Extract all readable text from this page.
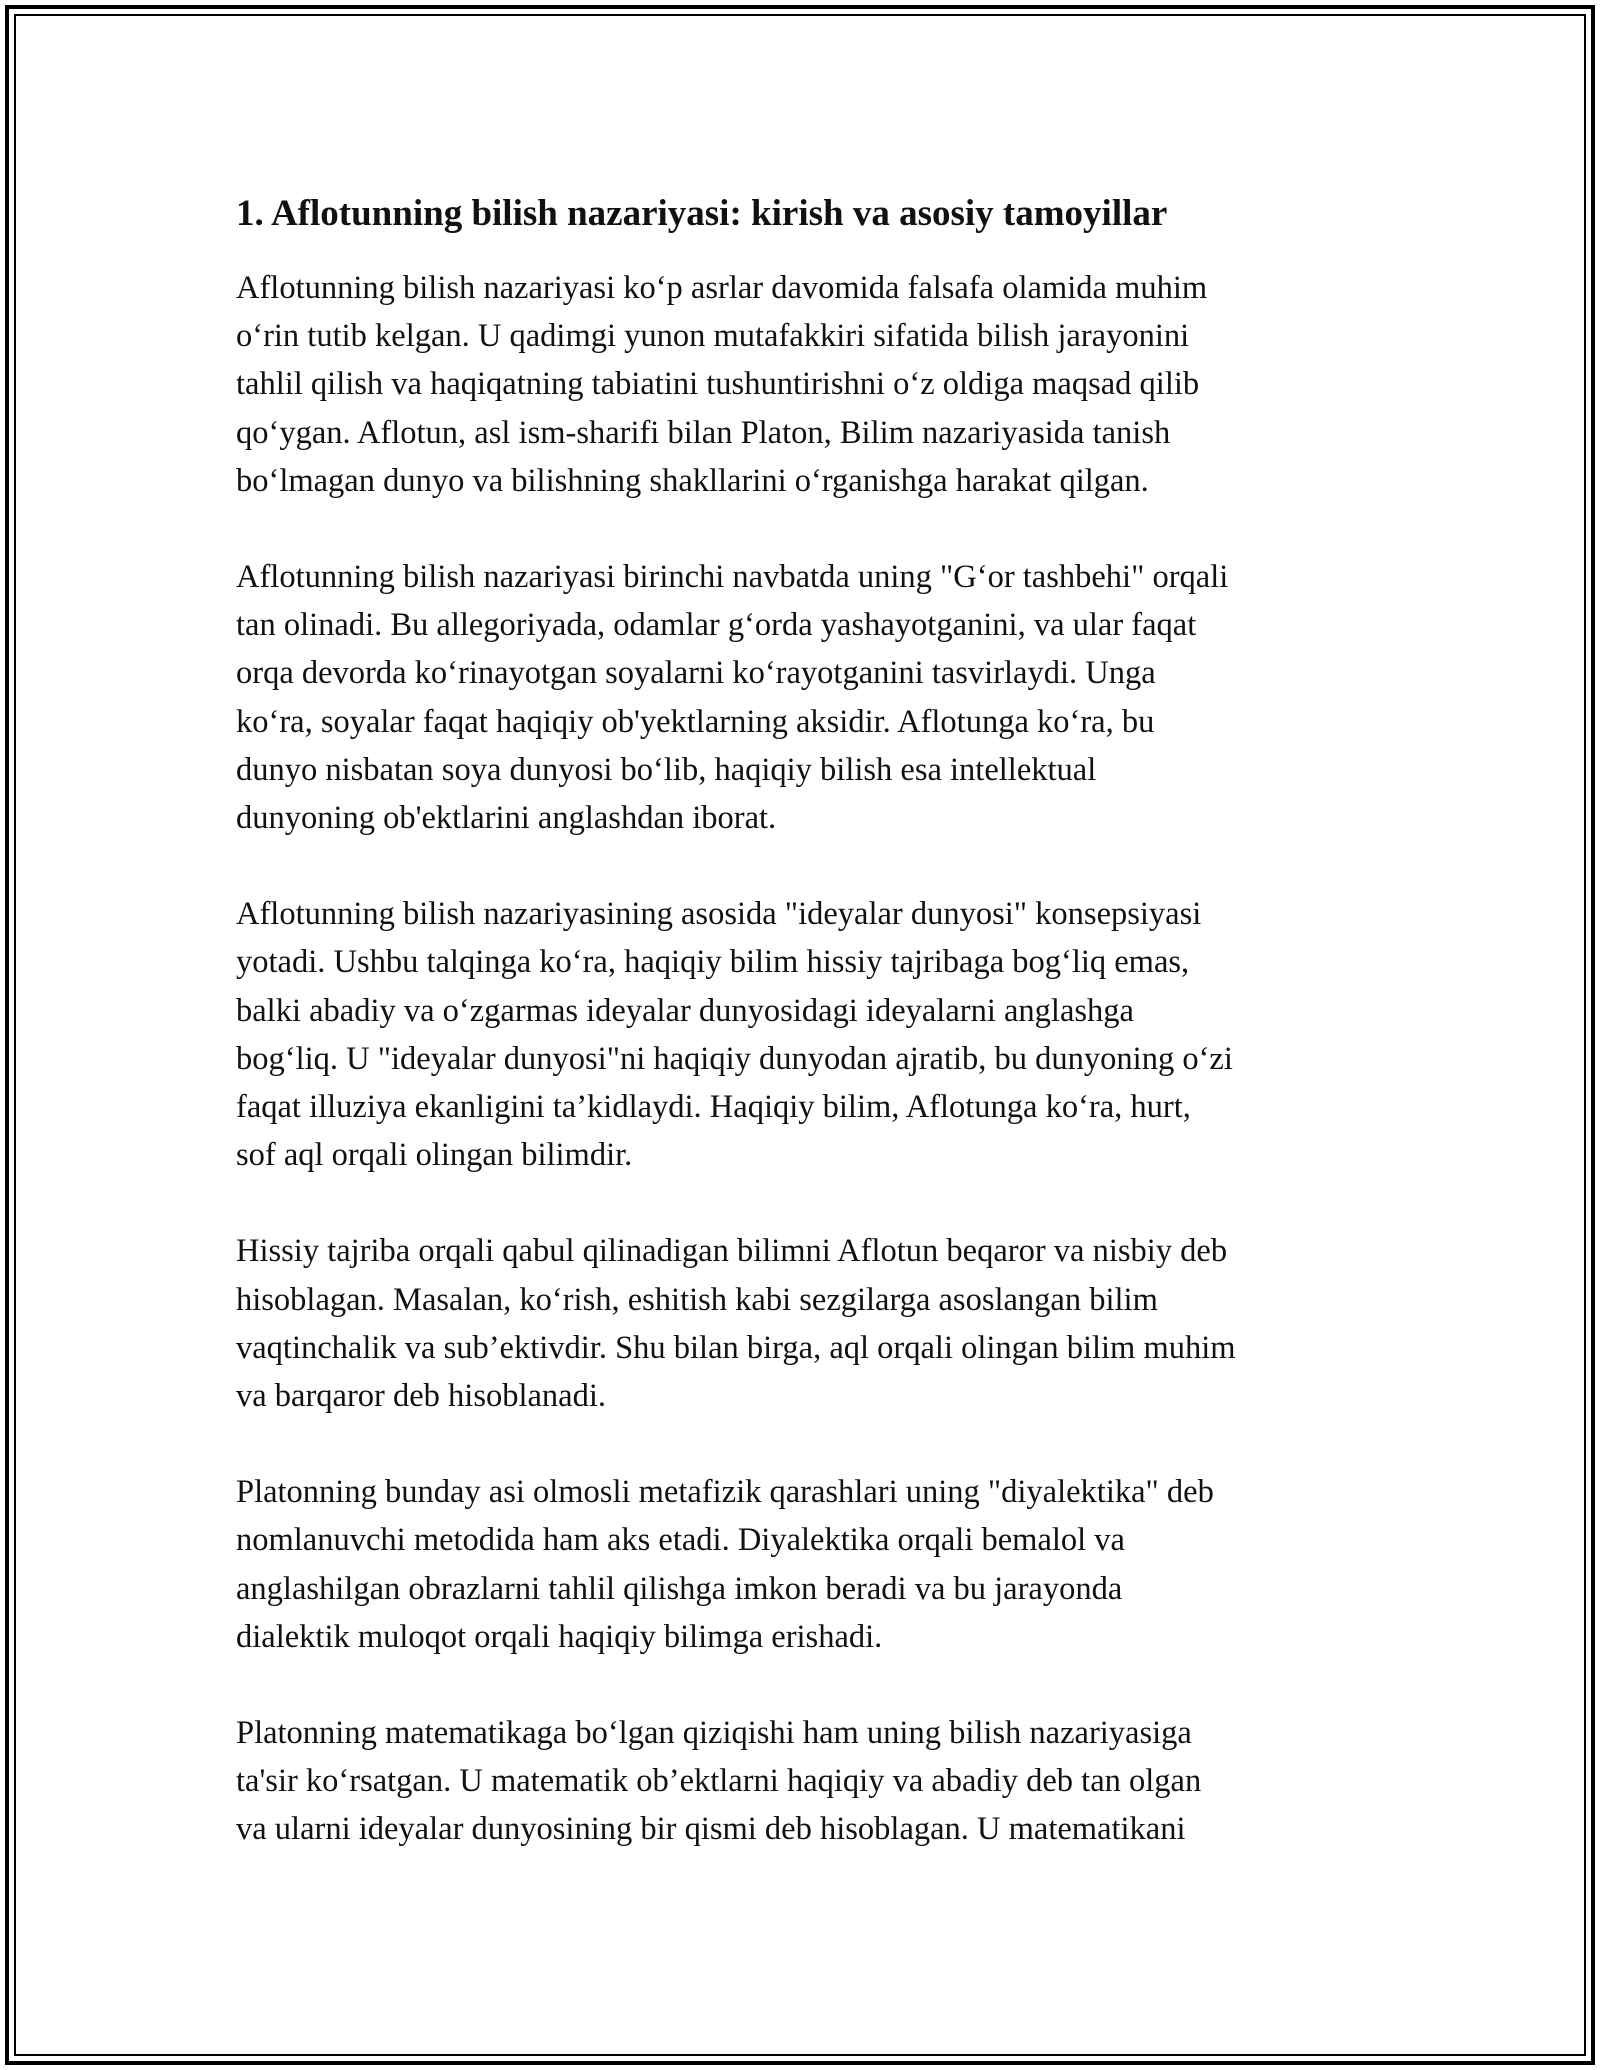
1. Aflotunning bilish nazariyasi: kirish va asosiy tamoyillar
Aflotunning bilish nazariyasi ko‘p asrlar davomida falsafa olamida muhim
o‘rin tutib kelgan. U qadimgi yunon mutafakkiri sifatida bilish jarayonini
tahlil qilish va haqiqatning tabiatini tushuntirishni o‘z oldiga maqsad qilib
qo‘ygan. Aflotun, asl ism-sharifi bilan Platon, Bilim nazariyasida tanish
bo‘lmagan dunyo va bilishning shakllarini o‘rganishga harakat qilgan.
Aflotunning bilish nazariyasi birinchi navbatda uning "G‘or tashbehi" orqali
tan olinadi. Bu allegoriyada, odamlar g‘orda yashayotganini, va ular faqat
orqa devorda ko‘rinayotgan soyalarni ko‘rayotganini tasvirlaydi. Unga
ko‘ra, soyalar faqat haqiqiy ob'yektlarning aksidir. Aflotunga ko‘ra, bu
dunyo nisbatan soya dunyosi bo‘lib, haqiqiy bilish esa intellektual
dunyoning ob'ektlarini anglashdan iborat.
Aflotunning bilish nazariyasining asosida "ideyalar dunyosi" konsepsiyasi
yotadi. Ushbu talqinga ko‘ra, haqiqiy bilim hissiy tajribaga bog‘liq emas,
balki abadiy va o‘zgarmas ideyalar dunyosidagi ideyalarni anglashga
bog‘liq. U "ideyalar dunyosi"ni haqiqiy dunyodan ajratib, bu dunyoning o‘zi
faqat illuziya ekanligini ta’kidlaydi. Haqiqiy bilim, Aflotunga ko‘ra, hurt,
sof aql orqali olingan bilimdir.
Hissiy tajriba orqali qabul qilinadigan bilimni Aflotun beqaror va nisbiy deb
hisoblagan. Masalan, ko‘rish, eshitish kabi sezgilarga asoslangan bilim
vaqtinchalik va sub’ektivdir. Shu bilan birga, aql orqali olingan bilim muhim
va barqaror deb hisoblanadi.
Platonning bunday asi olmosli metafizik qarashlari uning "diyalektika" deb
nomlanuvchi metodida ham aks etadi. Diyalektika orqali bemalol va
anglashilgan obrazlarni tahlil qilishga imkon beradi va bu jarayonda
dialektik muloqot orqali haqiqiy bilimga erishadi.
Platonning matematikaga bo‘lgan qiziqishi ham uning bilish nazariyasiga
ta'sir ko‘rsatgan. U matematik ob’ektlarni haqiqiy va abadiy deb tan olgan
va ularni ideyalar dunyosining bir qismi deb hisoblagan. U matematikani
